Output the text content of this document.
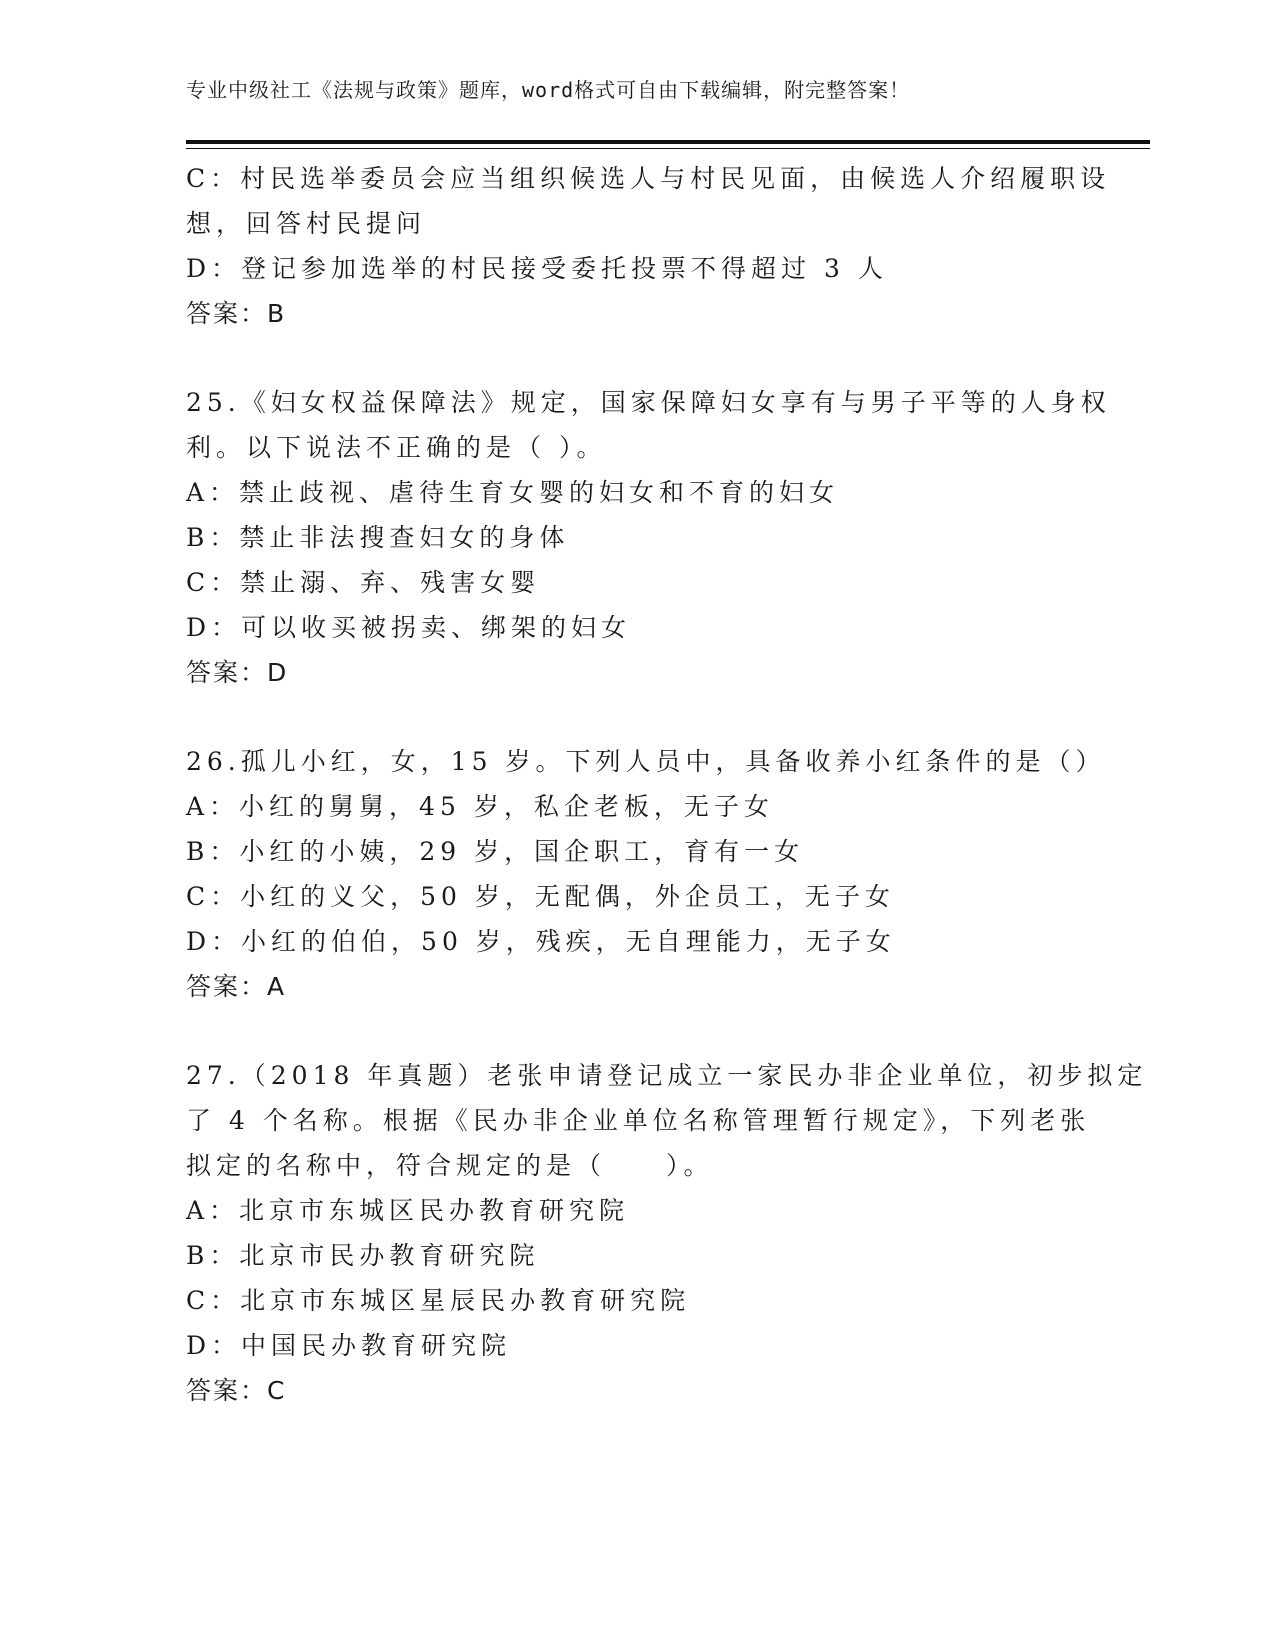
专业中级社工《法规与政策》题库，word格式可自由下载编辑，附完整答案！
C：村民选举委员会应当组织候选人与村民见面，由候选人介绍履职设
想，回答村民提问
D：登记参加选举的村民接受委托投票不得超过 3 人
答案：B
25.《妇女权益保障法》规定，国家保障妇女享有与男子平等的人身权
利。以下说法不正确的是（ ）。
A：禁止歧视、虐待生育女婴的妇女和不育的妇女
B：禁止非法搜查妇女的身体
C：禁止溺、弃、残害女婴
D：可以收买被拐卖、绑架的妇女
答案：D
26.孤儿小红，女，15 岁。下列人员中，具备收养小红条件的是（）
A：小红的舅舅，45 岁，私企老板，无子女
B：小红的小姨，29 岁，国企职工，育有一女
C：小红的义父，50 岁，无配偶，外企员工，无子女
D：小红的伯伯，50 岁，残疾，无自理能力，无子女
答案：A
27.（2018 年真题）老张申请登记成立一家民办非企业单位，初步拟定
了 4 个名称。根据《民办非企业单位名称管理暂行规定》，下列老张
拟定的名称中，符合规定的是（　　）。
A：北京市东城区民办教育研究院
B：北京市民办教育研究院
C：北京市东城区星辰民办教育研究院
D：中国民办教育研究院
答案：C
